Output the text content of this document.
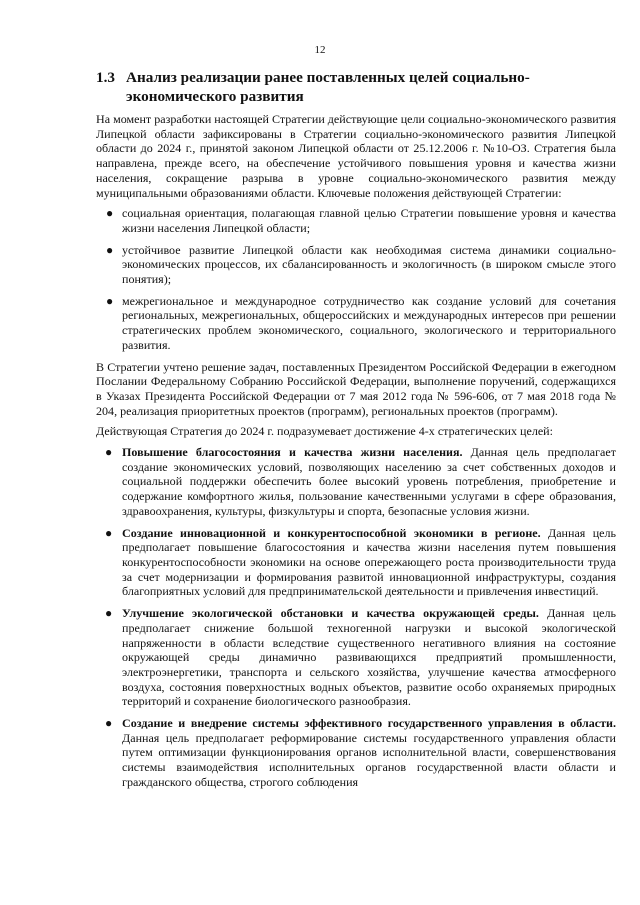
12
1.3 Анализ реализации ранее поставленных целей социально-экономического развития

На момент разработки настоящей Стратегии действующие цели социально-экономического развития Липецкой области зафиксированы в Стратегии социально-экономического развития Липецкой области до 2024 г., принятой законом Липецкой области от 25.12.2006 г. №10-ОЗ. Стратегия была направлена, прежде всего, на обеспечение устойчивого повышения уровня и качества жизни населения, сокращение разрыва в уровне социально-экономического развития между муниципальными образованиями области. Ключевые положения действующей Стратегии:

● социальная ориентация, полагающая главной целью Стратегии повышение уровня и качества жизни населения Липецкой области;
● устойчивое развитие Липецкой области как необходимая система динамики социально-экономических процессов, их сбалансированность и экологичность (в широком смысле этого понятия);
● межрегиональное и международное сотрудничество как создание условий для сочетания региональных, межрегиональных, общероссийских и международных интересов при решении стратегических проблем экономического, социального, экологического и территориального развития.

В Стратегии учтено решение задач, поставленных Президентом Российской Федерации в ежегодном Послании Федеральному Собранию Российской Федерации, выполнение поручений, содержащихся в Указах Президента Российской Федерации от 7 мая 2012 года № 596-606, от 7 мая 2018 года № 204, реализация приоритетных проектов (программ), региональных проектов (программ).

Действующая Стратегия до 2024 г. подразумевает достижение 4-х стратегических целей:

● Повышение благосостояния и качества жизни населения. Данная цель предполагает создание экономических условий, позволяющих населению за счет собственных доходов и социальной поддержки обеспечить более высокий уровень потребления, приобретение и содержание комфортного жилья, пользование качественными услугами в сфере образования, здравоохранения, культуры, физкультуры и спорта, безопасные условия жизни.
● Создание инновационной и конкурентоспособной экономики в регионе. Данная цель предполагает повышение благосостояния и качества жизни населения путем повышения конкурентоспособности экономики на основе опережающего роста производительности труда за счет модернизации и формирования развитой инновационной инфраструктуры, создания благоприятных условий для предпринимательской деятельности и привлечения инвестиций.
● Улучшение экологической обстановки и качества окружающей среды. Данная цель предполагает снижение большой техногенной нагрузки и высокой экологической напряженности в области вследствие существенного негативного влияния на состояние окружающей среды динамично развивающихся предприятий промышленности, электроэнергетики, транспорта и сельского хозяйства, улучшение качества атмосферного воздуха, состояния поверхностных водных объектов, развитие особо охраняемых природных территорий и сохранение биологического разнообразия.
● Создание и внедрение системы эффективного государственного управления в области. Данная цель предполагает реформирование системы государственного управления области путем оптимизации функционирования органов исполнительной власти, совершенствования системы взаимодействия исполнительных органов государственной власти области и гражданского общества, строгого соблюдения
